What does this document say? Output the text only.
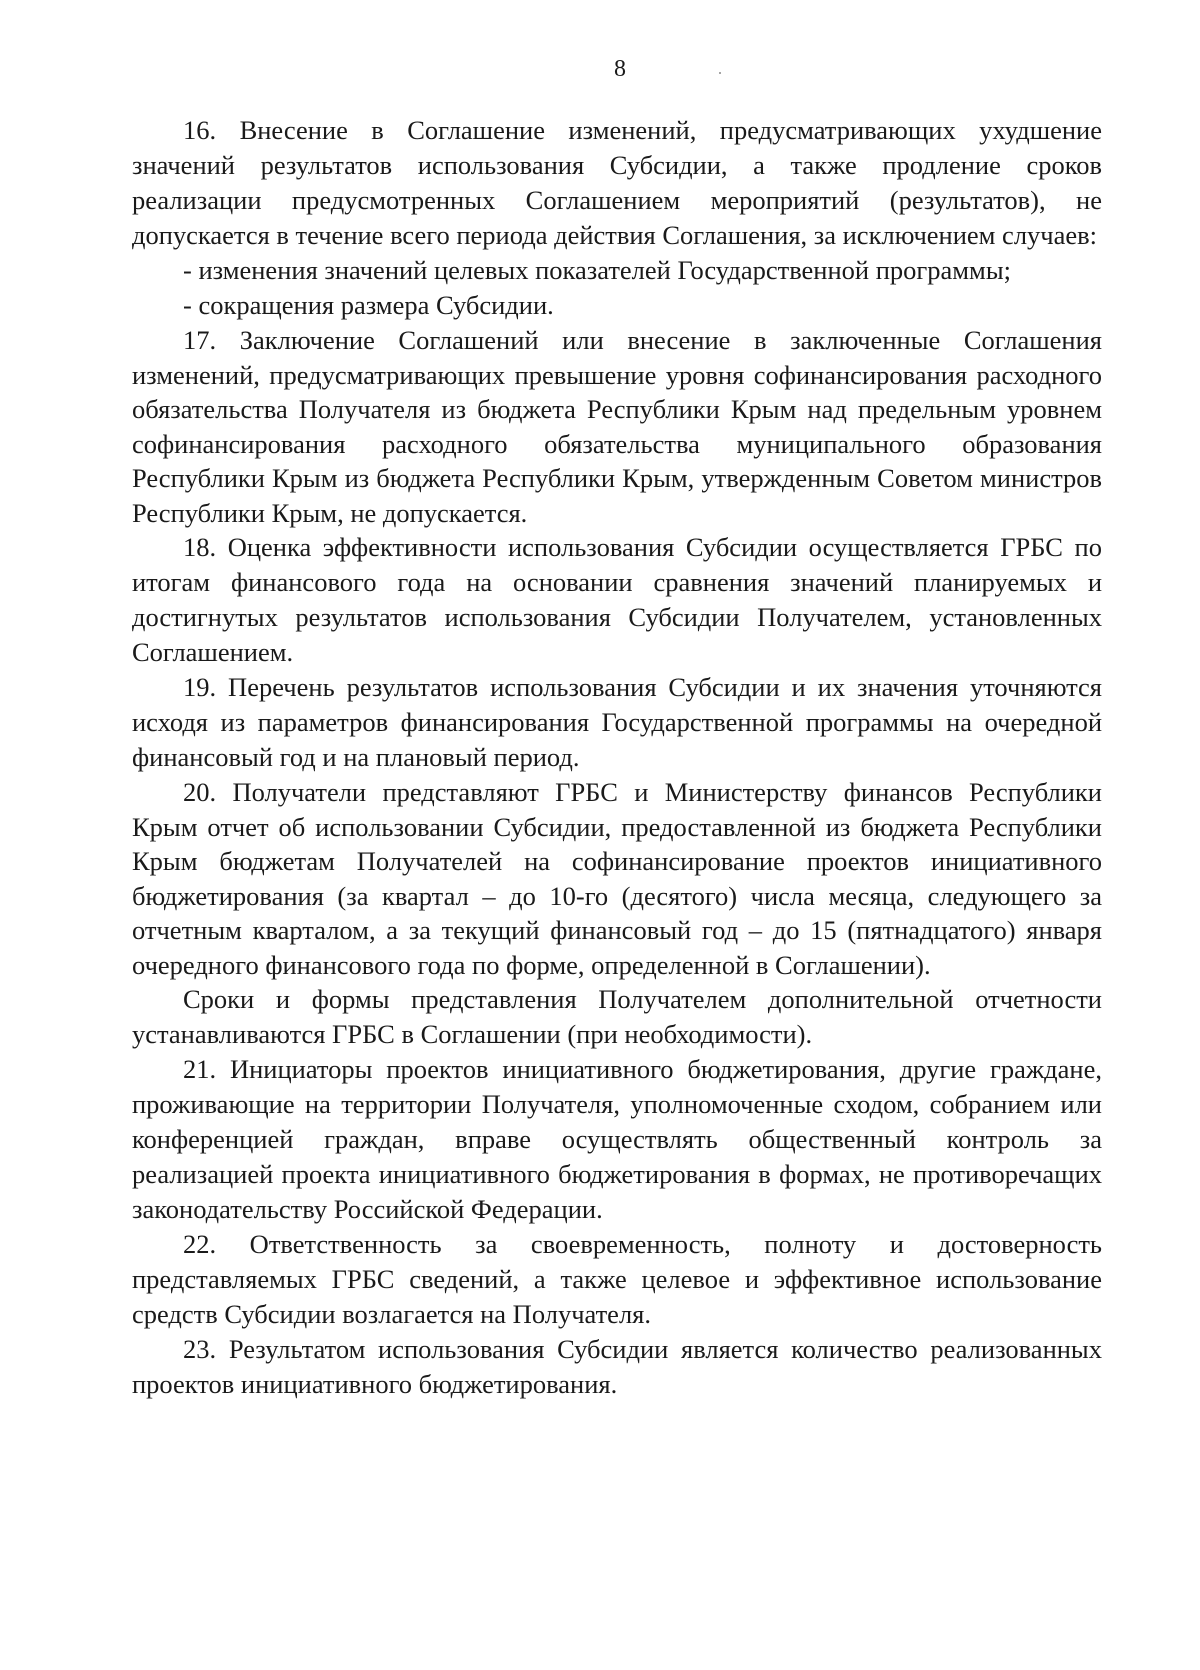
8

16. Внесение в Соглашение изменений, предусматривающих ухудшение значений результатов использования Субсидии, а также продление сроков реализации предусмотренных Соглашением мероприятий (результатов), не допускается в течение всего периода действия Соглашения, за исключением случаев:

- изменения значений целевых показателей Государственной программы;

- сокращения размера Субсидии.

17. Заключение Соглашений или внесение в заключенные Соглашения изменений, предусматривающих превышение уровня софинансирования расходного обязательства Получателя из бюджета Республики Крым над предельным уровнем софинансирования расходного обязательства муниципального образования Республики Крым из бюджета Республики Крым, утвержденным Советом министров Республики Крым, не допускается.

18. Оценка эффективности использования Субсидии осуществляется ГРБС по итогам финансового года на основании сравнения значений планируемых и достигнутых результатов использования Субсидии Получателем, установленных Соглашением.

19. Перечень результатов использования Субсидии и их значения уточняются исходя из параметров финансирования Государственной программы на очередной финансовый год и на плановый период.

20. Получатели представляют ГРБС и Министерству финансов Республики Крым отчет об использовании Субсидии, предоставленной из бюджета Республики Крым бюджетам Получателей на софинансирование проектов инициативного бюджетирования (за квартал – до 10-го (десятого) числа месяца, следующего за отчетным кварталом, а за текущий финансовый год – до 15 (пятнадцатого) января очередного финансового года по форме, определенной в Соглашении).

Сроки и формы представления Получателем дополнительной отчетности устанавливаются ГРБС в Соглашении (при необходимости).

21. Инициаторы проектов инициативного бюджетирования, другие граждане, проживающие на территории Получателя, уполномоченные сходом, собранием или конференцией граждан, вправе осуществлять общественный контроль за реализацией проекта инициативного бюджетирования в формах, не противоречащих законодательству Российской Федерации.

22. Ответственность за своевременность, полноту и достоверность представляемых ГРБС сведений, а также целевое и эффективное использование средств Субсидии возлагается на Получателя.

23. Результатом использования Субсидии является количество реализованных проектов инициативного бюджетирования.
